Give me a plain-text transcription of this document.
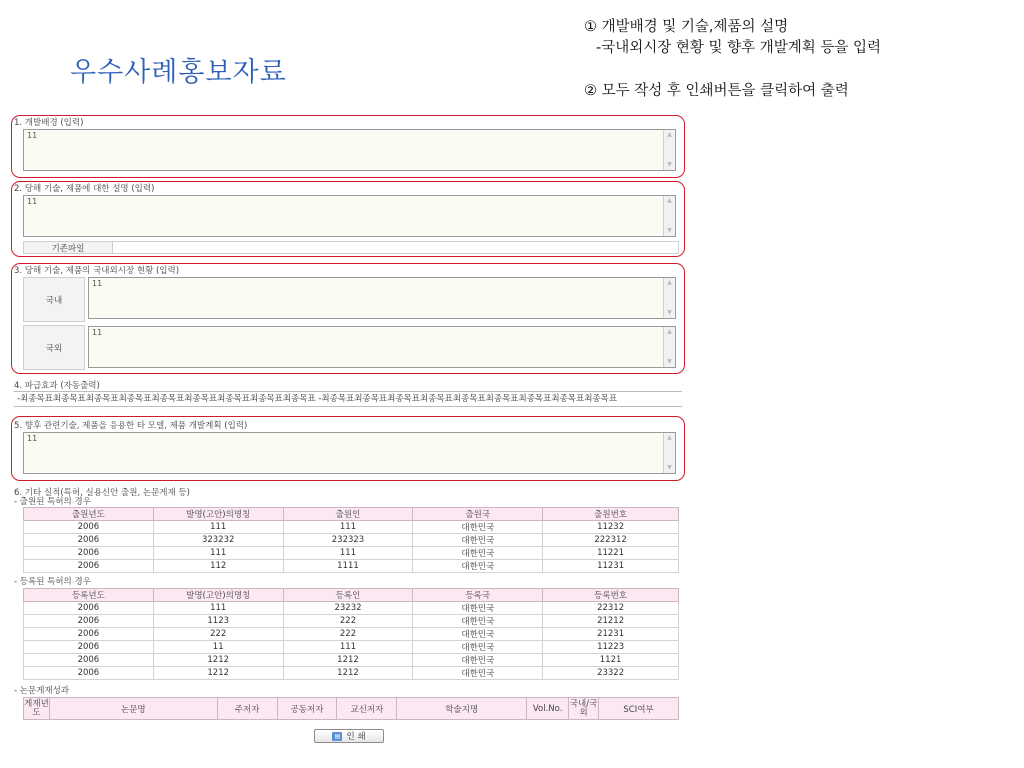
우수사례홍보자료
① 개발배경 및 기술,제품의 설명
-국내외시장 현황 및 향후 개발계획 등을 입력
② 모두 작성 후 인쇄버튼을 클릭하여 출력
1. 개발배경 (입력)
11	▲
▼
2. 당해 기술, 제품에 대한 설명 (입력)
11	▲
▼
기존파일
3. 당해 기술, 제품의 국내외시장 현황 (입력)
국내
11	▲
▼
국외
11	▲
▼
4. 파급효과 (자동출력)
-최종목표최종목표최종목표최종목표최종목표최종목표최종목표최종목표최종목표 -최종목표최종목표최종목표최종목표최종목표최종목표최종목표최종목표최종목표
5. 향후 관련기술, 제품을 응용한 타 모델, 제품 개발계획 (입력)
11	▲
▼
6. 기타 실적(특허, 실용신안 출원, 논문게재 등)
- 출원된 특허의 경우
출원년도	발명(고안)의명칭	출원인	출원국	출원번호
2006	111	111	대한민국	11232
2006	323232	232323	대한민국	222312
2006	111	111	대한민국	11221
2006	112	1111	대한민국	11231
- 등록된 특허의 경우
등록년도	발명(고안)의명칭	등록인	등록국	등록번호
2006	111	23232	대한민국	22312
2006	1123	222	대한민국	21212
2006	222	222	대한민국	21231
2006	11	111	대한민국	11223
2006	1212	1212	대한민국	1121
2006	1212	1212	대한민국	23322
- 논문게재성과
게재년도	논문명	주저자	공동저자	교신저자	학술지명	Vol.No.	국내/국외	SCI여부
▤ 인 쇄
